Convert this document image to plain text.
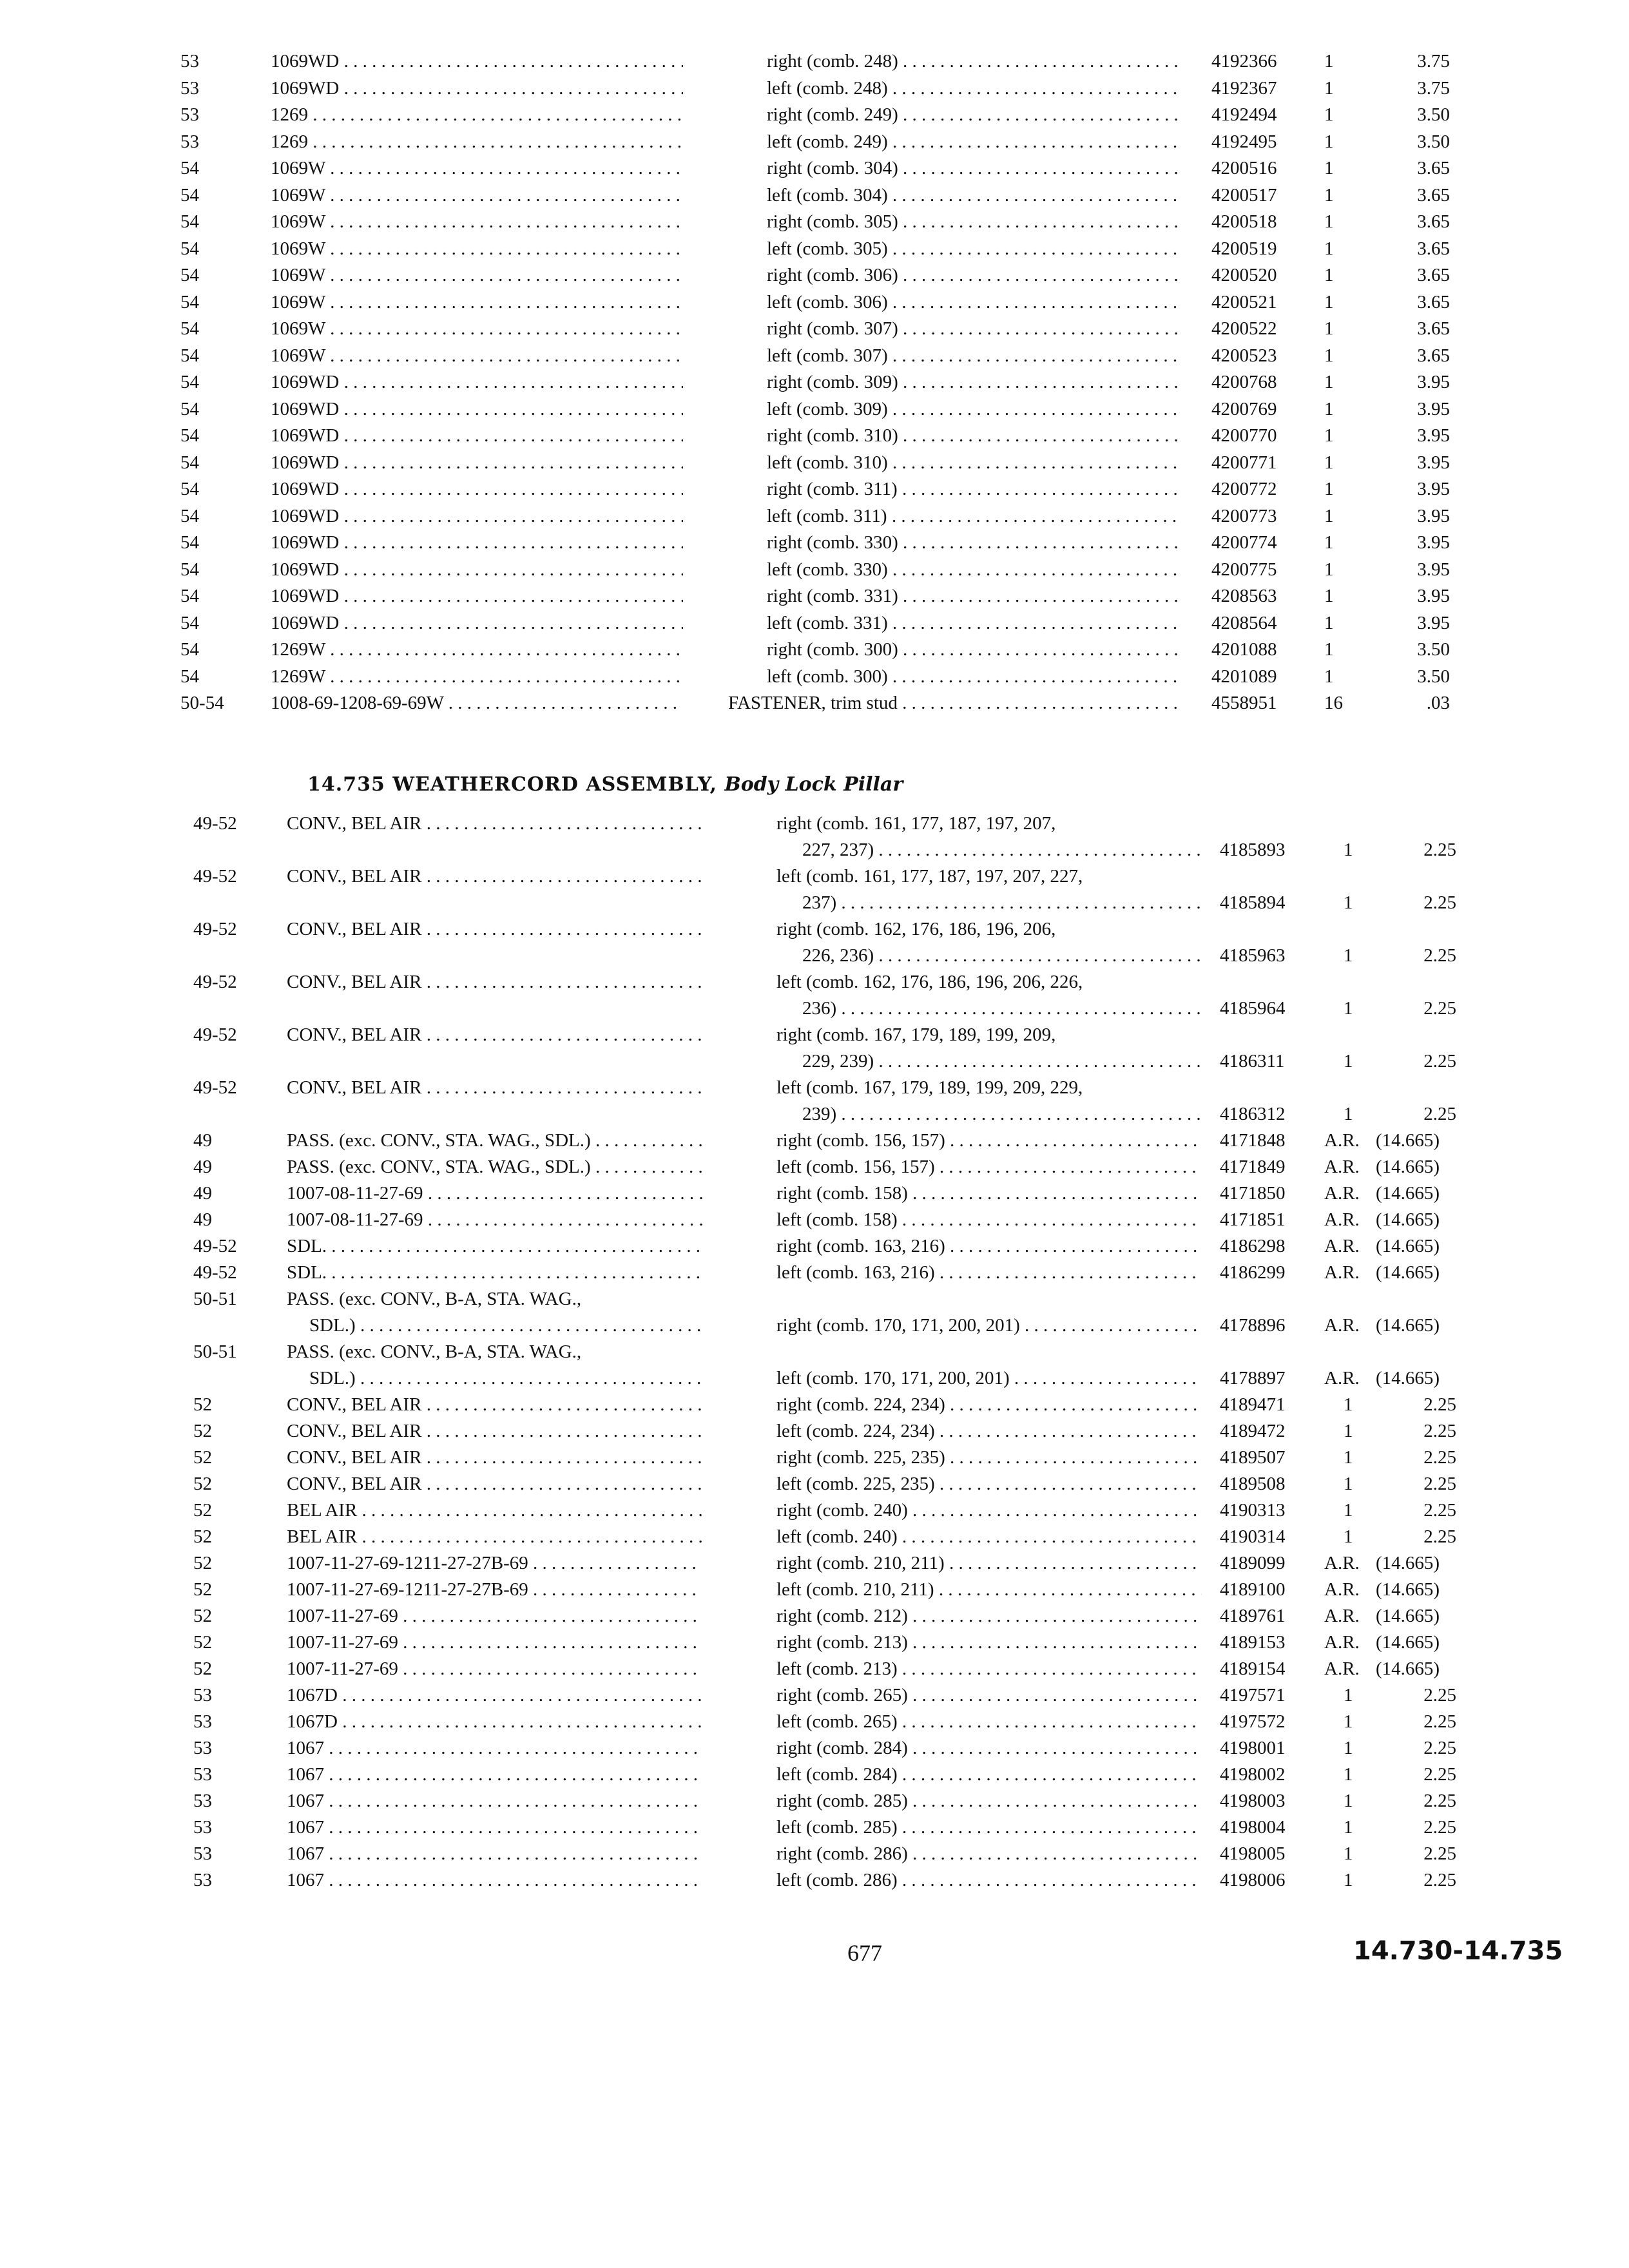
53	1069WD . . .	right (comb. 248) . . .	4192366	1	3.75
53	1069WD . . .	left (comb. 248) . . .	4192367	1	3.75
53	1269 . . .	right (comb. 249) . . .	4192494	1	3.50
53	1269 . . .	left (comb. 249) . . .	4192495	1	3.50
54	1069W . . .	right (comb. 304) . . .	4200516	1	3.65
54	1069W . . .	left (comb. 304) . . .	4200517	1	3.65
54	1069W . . .	right (comb. 305) . . .	4200518	1	3.65
54	1069W . . .	left (comb. 305) . . .	4200519	1	3.65
54	1069W . . .	right (comb. 306) . . .	4200520	1	3.65
54	1069W . . .	left (comb. 306) . . .	4200521	1	3.65
54	1069W . . .	right (comb. 307) . . .	4200522	1	3.65
54	1069W . . .	left (comb. 307) . . .	4200523	1	3.65
54	1069WD . . .	right (comb. 309) . . .	4200768	1	3.95
54	1069WD . . .	left (comb. 309) . . .	4200769	1	3.95
54	1069WD . . .	right (comb. 310) . . .	4200770	1	3.95
54	1069WD . . .	left (comb. 310) . . .	4200771	1	3.95
54	1069WD . . .	right (comb. 311) . . .	4200772	1	3.95
54	1069WD . . .	left (comb. 311) . . .	4200773	1	3.95
54	1069WD . . .	right (comb. 330) . . .	4200774	1	3.95
54	1069WD . . .	left (comb. 330) . . .	4200775	1	3.95
54	1069WD . . .	right (comb. 331) . . .	4208563	1	3.95
54	1069WD . . .	left (comb. 331) . . .	4208564	1	3.95
54	1269W . . .	right (comb. 300) . . .	4201088	1	3.50
54	1269W . . .	left (comb. 300) . . .	4201089	1	3.50
50-54	1008-69-1208-69-69W . . .	FASTENER, trim stud . . .	4558951	16	.03
14.735 WEATHERCORD ASSEMBLY, Body Lock Pillar
49-52	CONV., BEL AIR . . .	right (comb. 161, 177, 187, 197, 207,
227, 237) . . .	4185893	1	2.25
49-52	CONV., BEL AIR . . .	left (comb. 161, 177, 187, 197, 207, 227,
237) . . .	4185894	1	2.25
49-52	CONV., BEL AIR . . .	right (comb. 162, 176, 186, 196, 206,
226, 236) . . .	4185963	1	2.25
49-52	CONV., BEL AIR . . .	left (comb. 162, 176, 186, 196, 206, 226,
236) . . .	4185964	1	2.25
49-52	CONV., BEL AIR . . .	right (comb. 167, 179, 189, 199, 209,
229, 239) . . .	4186311	1	2.25
49-52	CONV., BEL AIR . . .	left (comb. 167, 179, 189, 199, 209, 229,
239) . . .	4186312	1	2.25
49	PASS. (exc. CONV., STA. WAG., SDL.) . . .	right (comb. 156, 157) . . .	4171848	A.R. (14.665)
49	PASS. (exc. CONV., STA. WAG., SDL.) . . .	left (comb. 156, 157) . . .	4171849	A.R. (14.665)
49	1007-08-11-27-69 . . .	right (comb. 158) . . .	4171850	A.R. (14.665)
49	1007-08-11-27-69 . . .	left (comb. 158) . . .	4171851	A.R. (14.665)
49-52	SDL. . . .	right (comb. 163, 216) . . .	4186298	A.R. (14.665)
49-52	SDL. . . .	left (comb. 163, 216) . . .	4186299	A.R. (14.665)
50-51	PASS. (exc. CONV., B-A, STA. WAG.,
SDL.) . . .	right (comb. 170, 171, 200, 201) . . .	4178896	A.R. (14.665)
50-51	PASS. (exc. CONV., B-A, STA. WAG.,
SDL.) . . .	left (comb. 170, 171, 200, 201) . . .	4178897	A.R. (14.665)
52	CONV., BEL AIR . . .	right (comb. 224, 234) . . .	4189471	1	2.25
52	CONV., BEL AIR . . .	left (comb. 224, 234) . . .	4189472	1	2.25
52	CONV., BEL AIR . . .	right (comb. 225, 235) . . .	4189507	1	2.25
52	CONV., BEL AIR . . .	left (comb. 225, 235) . . .	4189508	1	2.25
52	BEL AIR . . .	right (comb. 240) . . .	4190313	1	2.25
52	BEL AIR . . .	left (comb. 240) . . .	4190314	1	2.25
52	1007-11-27-69-1211-27-27B-69 . . .	right (comb. 210, 211) . . .	4189099	A.R. (14.665)
52	1007-11-27-69-1211-27-27B-69 . . .	left (comb. 210, 211) . . .	4189100	A.R. (14.665)
52	1007-11-27-69 . . .	right (comb. 212) . . .	4189761	A.R. (14.665)
52	1007-11-27-69 . . .	right (comb. 213) . . .	4189153	A.R. (14.665)
52	1007-11-27-69 . . .	left (comb. 213) . . .	4189154	A.R. (14.665)
53	1067D . . .	right (comb. 265) . . .	4197571	1	2.25
53	1067D . . .	left (comb. 265) . . .	4197572	1	2.25
53	1067 . . .	right (comb. 284) . . .	4198001	1	2.25
53	1067 . . .	left (comb. 284) . . .	4198002	1	2.25
53	1067 . . .	right (comb. 285) . . .	4198003	1	2.25
53	1067 . . .	left (comb. 285) . . .	4198004	1	2.25
53	1067 . . .	right (comb. 286) . . .	4198005	1	2.25
53	1067 . . .	left (comb. 286) . . .	4198006	1	2.25
677	14.730-14.735
